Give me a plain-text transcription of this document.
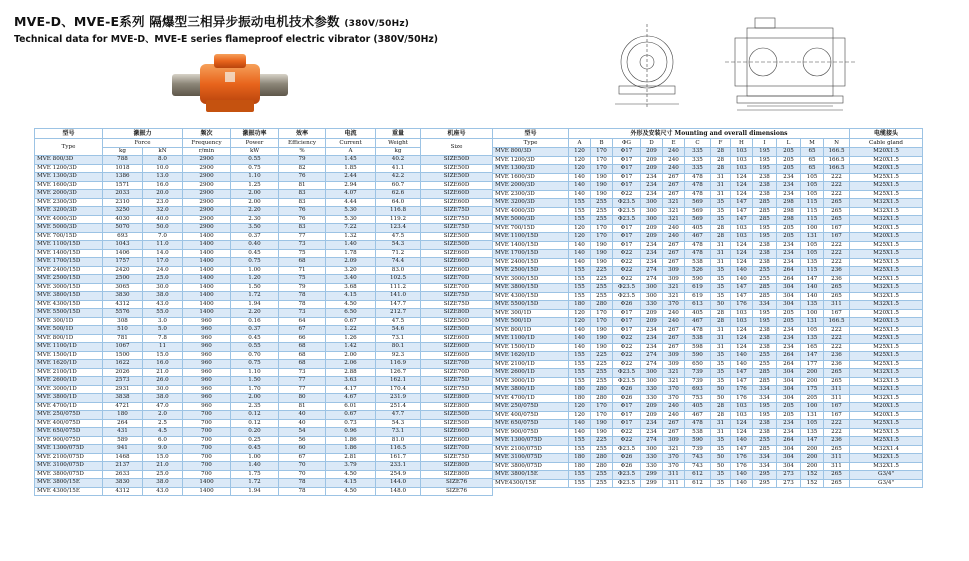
MVE-D、MVE-E系列 隔爆型三相异步振动电机技术参数 (380V/50Hz)
Technical data for MVE-D、MVE-E series flameproof electric vibrator (380V/50Hz)
型号	激振力		频次	激振功率	效率	电流	重量	机座号
Type	Force		Frequency	Power	Efficiency	Current	Weight	Size
	kg	kN	r/min	kW	%	A	kg	
MVE 800/3D	788	8.0	2900	0.55	79	1.45	40.2	SIZE50D
MVE 1200/3D	1018	10.0	2900	0.75	82	1.85	41.1	SIZE50D
MVE 1300/3D	1386	13.0	2900	1.10	76	2.44	42.2	SIZE50D
MVE 1600/3D	1571	16.0	2900	1.25	81	2.94	60.7	SIZE60D
MVE 2000/3D	2033	20.0	2900	2.00	83	4.07	62.6	SIZE60D
MVE 2300/3D	2310	23.0	2900	2.00	83	4.44	64.0	SIZE60D
MVE 3200/3D	3250	32.0	2900	2.20	76	5.30	116.8	SIZE75D
MVE 4000/3D	4030	40.0	2900	2.30	76	5.30	119.2	SIZE75D
MVE 5000/3D	5070	50.0	2900	3.50	83	7.22	123.4	SIZE75D
MVE 700/15D	693	7.0	1400	0.37	77	1.32	47.5	SIZE50D
MVE 1100/15D	1043	11.0	1400	0.40	73	1.40	54.3	SIZE50D
MVE 1400/15D	1406	14.0	1400	0.45	75	1.78	71.2	SIZE60D
MVE 1700/15D	1757	17.0	1400	0.75	68	2.09	74.4	SIZE60D
MVE 2400/15D	2420	24.0	1400	1.00	71	3.20	83.0	SIZE60D
MVE 2500/15D	2500	25.0	1400	1.20	75	3.40	102.5	SIZE70D
MVE 3000/15D	3065	30.0	1400	1.50	79	3.68	111.2	SIZE70D
MVE 3800/15D	3830	38.0	1400	1.72	78	4.15	141.0	SIZE75D
MVE 4300/15D	4312	43.0	1400	1.94	78	4.50	147.7	SIZE75D
MVE 5500/15D	5576	55.0	1400	2.20	73	6.50	212.7	SIZE80D
MVE 300/1D	308	3.0	960	0.16	64	0.67	47.5	SIZE50D
MVE 500/1D	510	5.0	960	0.37	67	1.22	54.6	SIZE50D
MVE 800/1D	781	7.8	960	0.45	66	1.26	73.1	SIZE60D
MVE 1100/1D	1067	11	960	0.55	68	1.42	80.1	SIZE60D
MVE 1500/1D	1500	15.0	960	0.70	68	2.00	92.3	SIZE60D
MVE 1620/1D	1622	16.0	960	0.75	68	2.06	116.9	SIZE70D
MVE 2100/1D	2026	21.0	960	1.10	73	2.88	126.7	SIZE70D
MVE 2600/1D	2573	26.0	960	1.50	77	3.63	162.1	SIZE75D
MVE 3000/1D	2931	30.0	960	1.70	77	4.17	170.4	SIZE75D
MVE 3800/1D	3838	38.0	960	2.00	80	4.67	231.9	SIZE80D
MVE 4700/1D	4721	47.0	960	2.35	81	6.01	251.4	SIZE80D
MVE 250/075D	180	2.0	700	0.12	40	0.67	47.7	SIZE50D
MVE 400/075D	264	2.5	700	0.12	40	0.73	54.3	SIZE50D
MVE 650/075D	431	4.5	700	0.20	54	0.96	73.1	SIZE60D
MVE 900/075D	589	6.0	700	0.25	56	1.86	81.0	SIZE60D
MVE 1300/075D	941	9.0	700	0.45	60	1.86	116.5	SIZE70D
MVE 2100/075D	1468	15.0	700	1.00	67	2.81	161.7	SIZE75D
MVE 3100/075D	2137	21.0	700	1.40	70	3.79	233.1	SIZE80D
MVE 3800/075D	2633	25.0	700	1.75	70	4.50	254.9	SIZE80D
MVE 3800/15E	3830	38.0	1400	1.72	78	4.15	144.0	SIZE76
MVE 4300/15E	4312	43.0	1400	1.94	78	4.50	148.0	SIZE76
型号	外形及安装尺寸 Mounting and overall dimensions												电缆接头
Type	A	B	ΦG	D	E	C	F	H	I	L	M	N	Cable gland

MVE 800/3D	120	170	Φ17	209	240	335	28	103	195	205	65	166.5	M20X1.5
MVE 1200/3D	120	170	Φ17	209	240	335	28	103	195	205	65	166.5	M20X1.5
MVE 1300/3D	120	170	Φ17	209	240	335	28	103	195	205	65	166.5	M20X1.5
MVE 1600/3D	140	190	Φ17	234	267	478	31	124	238	234	105	222	M25X1.5
MVE 2000/3D	140	190	Φ17	234	267	478	31	124	238	234	105	222	M25X1.5
MVE 2300/3D	140	190	Φ22	234	267	478	31	124	238	234	105	222	M25X1.5
MVE 3200/3D	155	255	Φ23.5	300	321	569	35	147	285	298	115	265	M32X1.5
MVE 4000/3D	155	255	Φ23.5	300	321	569	35	147	285	298	115	265	M32X1.5
MVE 5000/3D	155	255	Φ23.5	300	321	569	35	147	285	298	115	265	M32X1.5
MVE 700/15D	120	170	Φ17	209	240	405	28	103	195	205	100	167	M20X1.5
MVE 1100/15D	120	170	Φ17	209	240	467	28	103	195	205	131	167	M20X1.5
MVE 1400/15D	140	190	Φ17	234	267	478	31	124	238	234	105	222	M25X1.5
MVE 1700/15D	140	190	Φ22	234	267	478	31	124	238	234	105	222	M25X1.5
MVE 2400/15D	140	190	Φ22	234	267	538	31	124	238	234	135	222	M25X1.5
MVE 2500/15D	155	225	Φ22	274	309	526	35	140	255	264	115	236	M25X1.5
MVE 3000/15D	155	225	Φ22	274	309	590	35	140	255	264	147	236	M25X1.5
MVE 3800/15D	155	255	Φ23.5	300	321	619	35	147	285	304	140	265	M32X1.5
MVE 4300/15D	155	255	Φ23.5	300	321	619	35	147	285	304	140	265	M32X1.5
MVE 5500/15D	180	280	Φ26	330	370	613	50	176	334	304	135	311	M32X1.5
MVE 300/1D	120	170	Φ17	209	240	405	28	103	195	205	100	167	M20X1.5
MVE 500/1D	120	170	Φ17	209	240	467	28	103	195	205	131	166.5	M20X1.5
MVE 800/1D	140	190	Φ17	234	267	478	31	124	238	234	105	222	M25X1.5
MVE 1100/1D	140	190	Φ22	234	267	538	31	124	238	234	135	222	M25X1.5
MVE 1500/1D	140	190	Φ22	234	267	598	31	124	238	234	165	222	M25X1.5
MVE 1620/1D	155	225	Φ22	274	309	590	35	140	255	264	147	236	M25X1.5
MVE 2100/1D	155	225	Φ22	274	309	650	35	140	255	264	177	236	M25X1.5
MVE 2600/1D	155	255	Φ23.5	300	321	739	35	147	285	304	200	265	M32X1.5
MVE 3000/1D	155	255	Φ23.5	300	321	739	35	147	285	304	200	265	M32X1.5
MVE 3800/1D	180	280	Φ26	330	370	693	50	176	334	304	175	311	M32X1.5
MVE 4700/1D	180	280	Φ26	330	370	753	50	176	334	304	205	311	M32X1.5
MVE 250/075D	120	170	Φ17	209	240	405	28	103	195	205	100	167	M20X1.5
MVE 400/075D	120	170	Φ17	209	240	467	28	103	195	205	131	167	M20X1.5
MVE 650/075D	140	190	Φ17	234	267	478	31	124	238	234	105	222	M25X1.5
MVE 900/075D	140	190	Φ22	234	267	538	31	124	238	234	135	222	M25X1.5
MVE 1300/075D	155	225	Φ22	274	309	590	35	140	255	264	147	236	M25X1.5
MVE 2100/075D	155	255	Φ23.5	300	321	739	35	147	285	304	200	265	M32X1.4
MVE 3100/075D	180	280	Φ26	330	370	743	50	176	334	304	200	311	M32X1.5
MVE 3800/075D	180	280	Φ26	330	370	743	50	176	334	304	200	311	M32X1.5
MVE 3800/15E	155	255	Φ23.5	299	311	612	35	140	295	273	152	265	G3/4"
MVE4300/15E	155	255	Φ23.5	299	311	612	35	140	295	273	152	265	G3/4"
